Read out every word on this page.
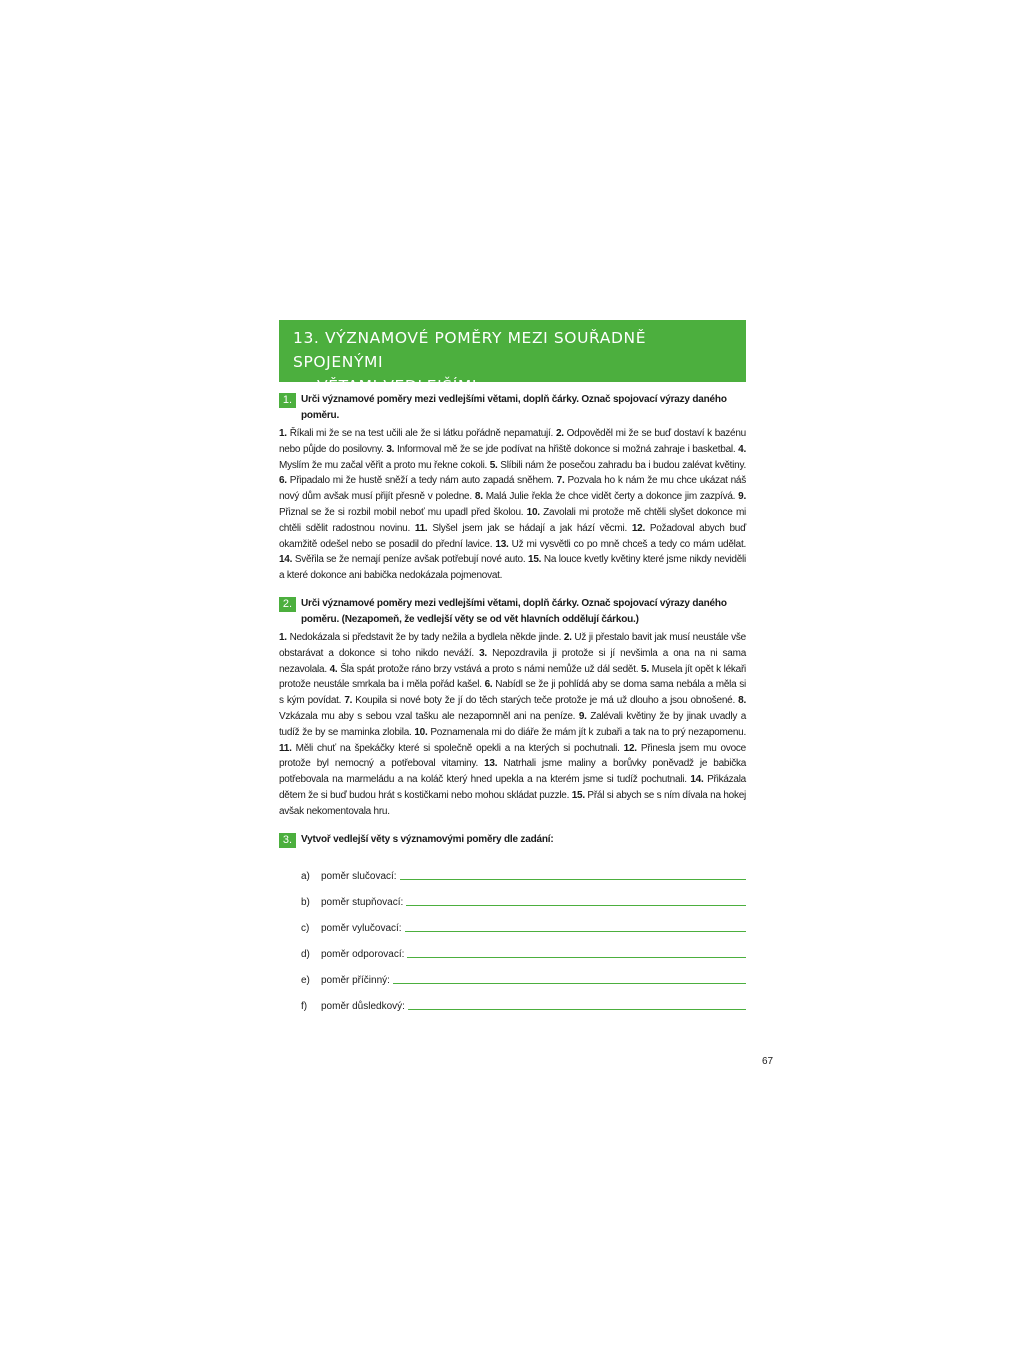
13. VÝZNAMOVÉ POMĚRY MEZI SOUŘADNĚ SPOJENÝMI
VĚTAMI VEDLEJŠÍMI
1. Urči významové poměry mezi vedlejšími větami, doplň čárky. Označ spojovací výrazy daného poměru.
1. Říkali mi že se na test učili ale že si látku pořádně nepamatují. 2. Odpověděl mi že se buď dostaví k bazénu nebo půjde do posilovny. 3. Informoval mě že se jde podívat na hřiště dokonce si možná zahraje i basketbal. 4. Myslím že mu začal věřit a proto mu řekne cokoli. 5. Slíbili nám že posečou zahradu ba i budou zalévat květiny. 6. Připadalo mi že hustě sněží a tedy nám auto zapadá sněhem. 7. Pozvala ho k nám že mu chce ukázat náš nový dům avšak musí přijít přesně v poledne. 8. Malá Julie řekla že chce vidět čerty a dokonce jim zazpívá. 9. Přiznal se že si rozbil mobil neboť mu upadl před školou. 10. Zavolali mi protože mě chtěli slyšet dokonce mi chtěli sdělit radostnou novinu. 11. Slyšel jsem jak se hádají a jak hází věcmi. 12. Požadoval abych buď okamžitě odešel nebo se posadil do přední lavice. 13. Už mi vysvětli co po mně chceš a tedy co mám udělat. 14. Svěřila se že nemají peníze avšak potřebují nové auto. 15. Na louce kvetly květiny které jsme nikdy neviděli a které dokonce ani babička nedokázala pojmenovat.
2. Urči významové poměry mezi vedlejšími větami, doplň čárky. Označ spojovací výrazy daného poměru. (Nezapomeň, že vedlejší věty se od vět hlavních oddělují čárkou.)
1. Nedokázala si představit že by tady nežila a bydlela někde jinde. 2. Už ji přestalo bavit jak musí neustále vše obstarávat a dokonce si toho nikdo neváží. 3. Nepozdravila ji protože si jí nevšimla a ona na ni sama nezavolala. 4. Šla spát protože ráno brzy vstává a proto s námi nemůže už dál sedět. 5. Musela jít opět k lékaři protože neustále smrkala ba i měla pořád kašel. 6. Nabídl se že ji pohlídá aby se doma sama nebála a měla si s kým povídat. 7. Koupila si nové boty že jí do těch starých teče protože je má už dlouho a jsou obnošené. 8. Vzkázala mu aby s sebou vzal tašku ale nezapomněl ani na peníze. 9. Zalévali květiny že by jinak uvadly a tudíž že by se maminka zlobila. 10. Poznamenala mi do diáře že mám jít k zubaři a tak na to prý nezapomenu. 11. Měli chuť na špekáčky které si společně opekli a na kterých si pochutnali. 12. Přinesla jsem mu ovoce protože byl nemocný a potřeboval vitaminy. 13. Natrhali jsme maliny a borůvky poněvadž je babička potřebovala na marmeládu a na koláč který hned upekla a na kterém jsme si tudíž pochutnali. 14. Přikázala dětem že si buď budou hrát s kostičkami nebo mohou skládat puzzle. 15. Přál si abych se s ním dívala na hokej avšak nekomentovala hru.
3. Vytvoř vedlejší věty s významovými poměry dle zadání:
a)	poměr slučovací:
b)	poměr stupňovací:
c)	poměr vylučovací:
d)	poměr odporovací:
e)	poměr příčinný:
f)	poměr důsledkový:
67
